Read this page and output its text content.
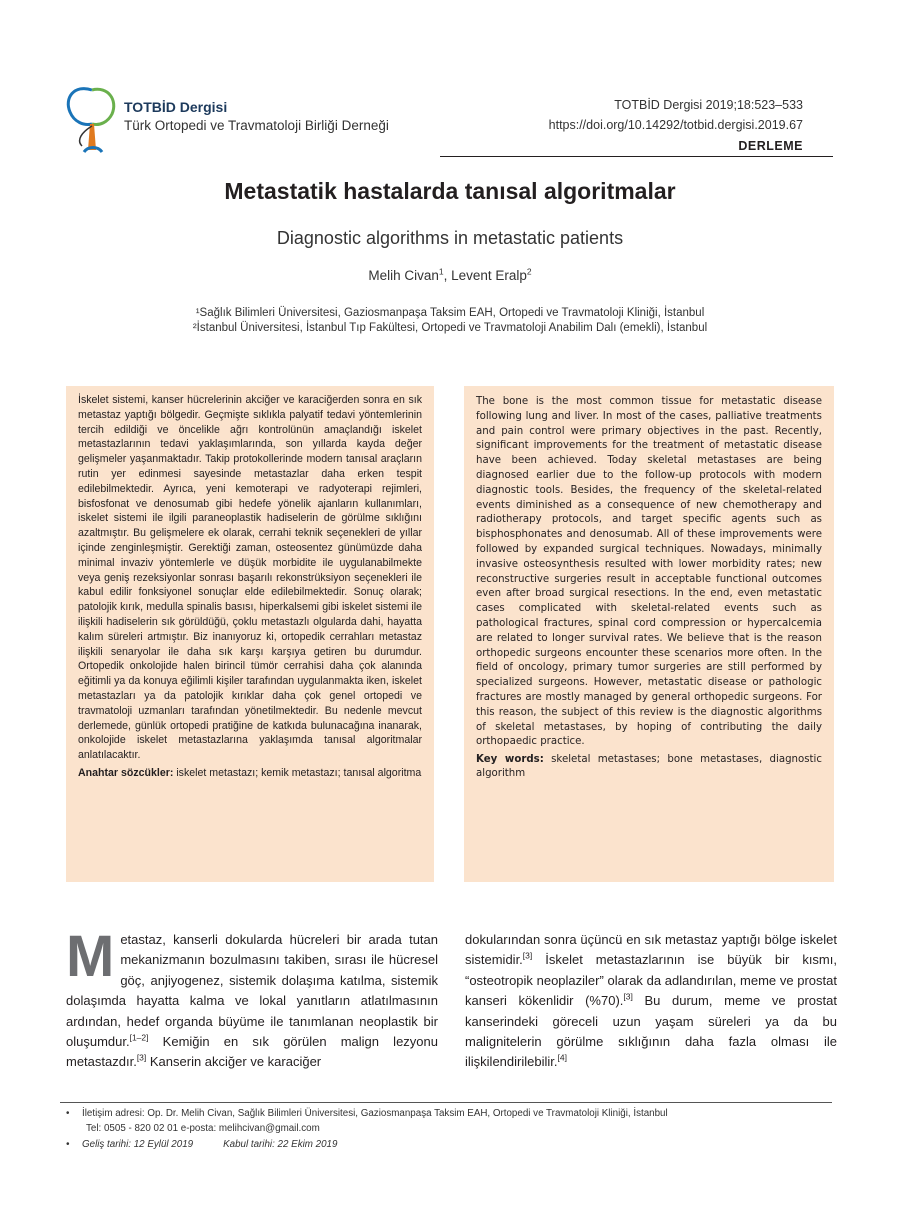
TOTBİD Dergisi
Türk Ortopedi ve Travmatoloji Birliği Derneği
TOTBİD Dergisi 2019;18:523–533
https://doi.org/10.14292/totbid.dergisi.2019.67
DERLEME
Metastatik hastalarda tanısal algoritmalar
Diagnostic algorithms in metastatic patients
Melih Civan$^1$, Levent Eralp$^2$
¹Sağlık Bilimleri Üniversitesi, Gaziosmanpaşa Taksim EAH, Ortopedi ve Travmatoloji Kliniği, İstanbul
²İstanbul Üniversitesi, İstanbul Tıp Fakültesi, Ortopedi ve Travmatoloji Anabilim Dalı (emekli), İstanbul

İskelet sistemi, kanser hücrelerinin akciğer ve karaciğerden sonra en sık metastaz yaptığı bölgedir. Geçmişte sıklıkla palyatif tedavi yöntemlerinin tercih edildiği ve öncelikle ağrı kontrolünün amaçlandığı iskelet metastazlarının tedavi yaklaşımlarında, son yıllarda kayda değer gelişmeler yaşanmaktadır. Takip protokollerinde modern tanısal araçların rutin yer edinmesi sayesinde metastazlar daha erken tespit edilebilmektedir. Ayrıca, yeni kemoterapi ve radyoterapi rejimleri, bisfosfonat ve denosumab gibi hedefe yönelik ajanların kullanımları, iskelet sistemi ile ilgili paraneoplastik hadiselerin de görülme sıklığını azaltmıştır. Bu gelişmelere ek olarak, cerrahi teknik seçenekleri de yıllar içinde zenginleşmiştir. Gerektiği zaman, osteosentez günümüzde daha minimal invaziv yöntemlerle ve düşük morbidite ile uygulanabilmekte veya geniş rezeksiyonlar sonrası başarılı rekonstrüksiyon seçenekleri ile kabul edilir fonksiyonel sonuçlar elde edilebilmektedir. Sonuç olarak; patolojik kırık, medulla spinalis basısı, hiperkalsemi gibi iskelet sistemi ile ilişkili hadiselerin sık görüldüğü, çoklu metastazlı olgularda dahi, hayatta kalım süreleri artmıştır. Biz inanıyoruz ki, ortopedik cerrahları metastaz ilişkili senaryolar ile daha sık karşı karşıya getiren bu durumdur. Ortopedik onkolojide halen birincil tümör cerrahisi daha çok alanında eğitimli ya da konuya eğilimli kişiler tarafından uygulanmakta iken, iskelet metastazları ya da patolojik kırıklar daha çok genel ortopedi ve travmatoloji uzmanları tarafından yönetilmektedir. Bu nedenle mevcut derlemede, günlük ortopedi pratiğine de katkıda bulunacağına inanarak, onkolojide iskelet metastazlarına yaklaşımda tanısal algoritmalar anlatılacaktır.

Anahtar sözcükler: iskelet metastazı; kemik metastazı; tanısal algoritma

The bone is the most common tissue for metastatic disease following lung and liver. In most of the cases, palliative treatments and pain control were primary objectives in the past. Recently, significant improvements for the treatment of metastatic disease have been achieved. Today skeletal metastases are being diagnosed earlier due to the follow-up protocols with modern diagnostic tools. Besides, the frequency of the skeletal-related events diminished as a consequence of new chemotherapy and radiotherapy protocols, and target specific agents such as bisphosphonates and denosumab. All of these improvements were followed by expanded surgical techniques. Nowadays, minimally invasive osteosynthesis resulted with lower morbidity rates; new reconstructive surgeries result in acceptable functional outcomes even after broad surgical resections. In the end, even metastatic cases complicated with skeletal-related events such as pathological fractures, spinal cord compression or hypercalcemia are related to longer survival rates. We believe that is the reason orthopedic surgeons encounter these scenarios more often. In the field of oncology, primary tumor surgeries are still performed by specialized surgeons. However, metastatic disease or pathologic fractures are mostly managed by general orthopedic surgeons. For this reason, the subject of this review is the diagnostic algorithms of skeletal metastases, by hoping of contributing the daily orthopaedic practice.

Key words: skeletal metastases; bone metastases, diagnostic algorithm

Metastaz, kanserli dokularda hücreleri bir arada tutan mekanizmanın bozulmasını takiben, sırası ile hücresel göç, anjiyogenez, sistemik dolaşıma katılma, sistemik dolaşımda hayatta kalma ve lokal yanıtların atlatılmasının ardından, hedef organda büyüme ile tanımlanan neoplastik bir oluşumdur.[1–2] Kemiğin en sık görülen malign lezyonu metastazdır.[3] Kanserin akciğer ve karaciğer

dokularından sonra üçüncü en sık metastaz yaptığı bölge iskelet sistemidir.[3] İskelet metastazlarının ise büyük bir kısmı, “osteotropik neoplaziler” olarak da adlandırılan, meme ve prostat kanseri kökenlidir (%70).[3] Bu durum, meme ve prostat kanserindeki göreceli uzun yaşam süreleri ya da bu malignitelerin görülme sıklığının daha fazla olması ile ilişkilendirilebilir.[4]

• İletişim adresi: Op. Dr. Melih Civan, Sağlık Bilimleri Üniversitesi, Gaziosmanpaşa Taksim EAH, Ortopedi ve Travmatoloji Kliniği, İstanbul
Tel: 0505 - 820 02 01 e-posta: melihcivan@gmail.com
• Geliş tarihi: 12 Eylül 2019	Kabul tarihi: 22 Ekim 2019
